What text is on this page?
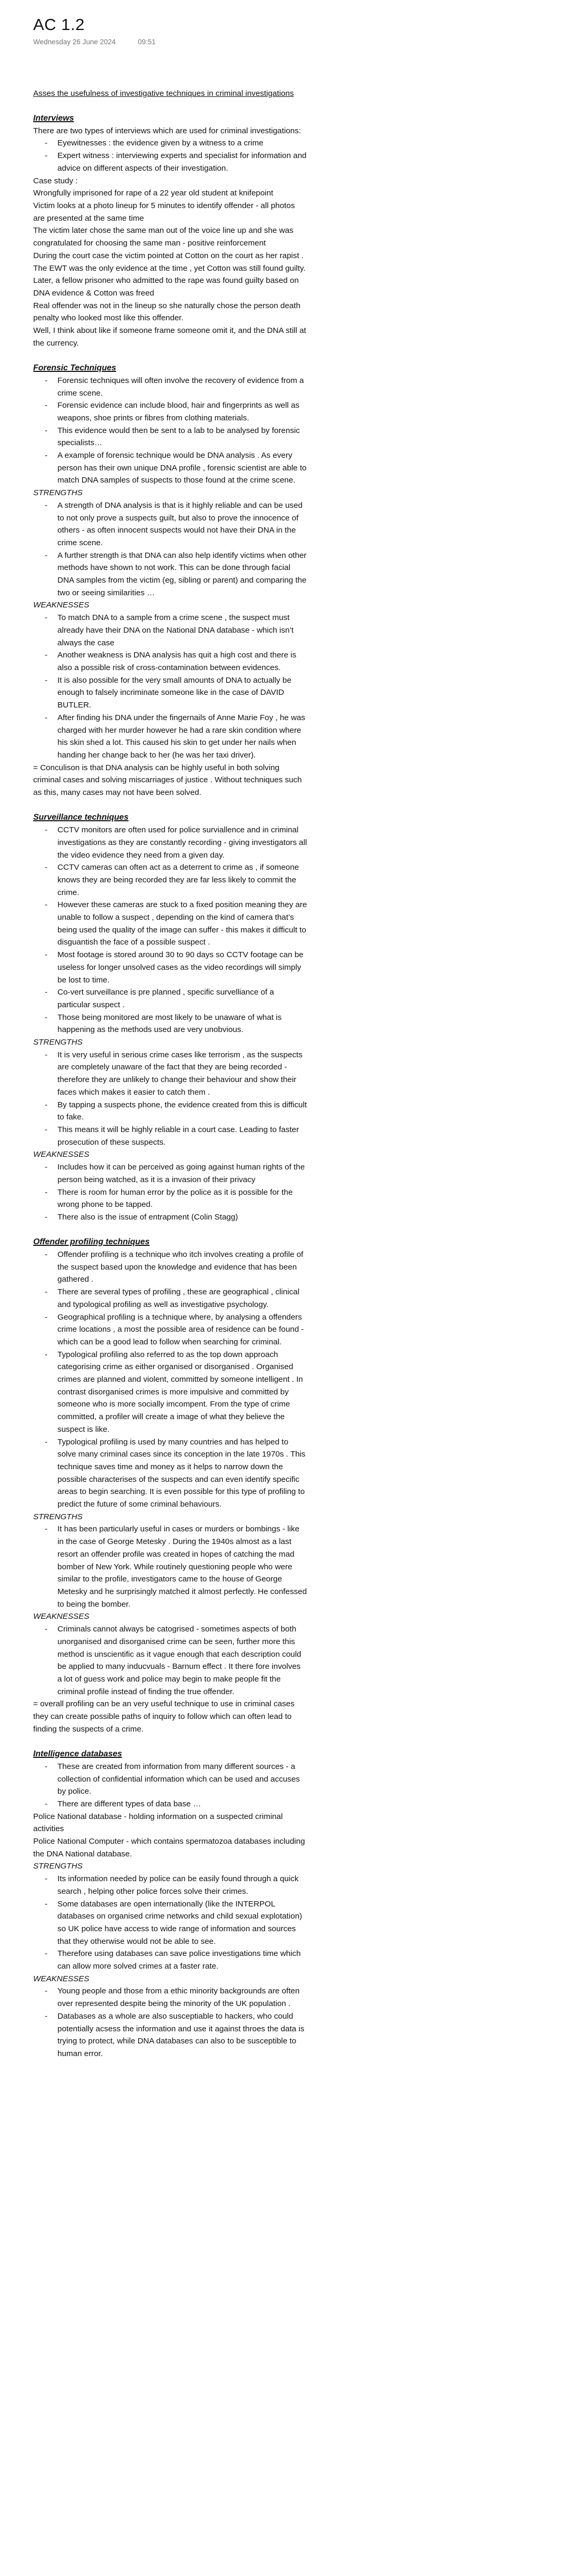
AC 1.2
Wednesday 26 June 2024	09:51
Asses the usefulness of investigative techniques in criminal investigations
Interviews
There are two types of interviews which are used for criminal investigations:
- Eyewitnesses : the evidence given by a witness to a crime
- Expert witness : interviewing experts and specialist for information and advice on different aspects of their investigation.
Case study :
Wrongfully imprisoned for rape of a 22 year old student at knifepoint
Victim looks at a photo lineup for 5 minutes to identify offender - all photos are presented at the same time
The victim later chose the same man out of the voice line up and she was congratulated for choosing the same man - positive reinforcement
During the court case the victim pointed at Cotton on the court as her rapist . The EWT was the only evidence at the time , yet Cotton was still found guilty.
Later, a fellow prisoner who admitted to the rape was found guilty based on DNA evidence & Cotton was freed
Real offender was not in the lineup so she naturally chose the person death penalty who looked most like this offender.
Well, I think about like if someone frame someone omit it, and the DNA still at the currency.
Forensic Techniques
- Forensic techniques will often involve the recovery of evidence from a crime scene.
- Forensic evidence can include blood, hair and fingerprints as well as weapons, shoe prints or fibres from clothing materials.
- This evidence would then be sent to a lab to be analysed by forensic specialists…
- A example of forensic technique would be DNA analysis . As every person has their own unique DNA profile , forensic scientist are able to match DNA samples of suspects to those found at the crime scene.
STRENGTHS
- A strength of DNA analysis is that is it highly reliable and can be used to not only prove a suspects guilt, but also to prove the innocence of others - as often innocent suspects would not have their DNA in the crime scene.
- A further strength is that DNA can also help identify victims when other methods have shown to not work. This can be done through facial DNA samples from the victim (eg, sibling or parent) and comparing the two or seeing similarities …
WEAKNESSES
- To match DNA to a sample from a crime scene , the suspect must already have their DNA on the National DNA database - which isn’t always the case
- Another weakness is DNA analysis has quit a high cost and there is also a possible risk of cross-contamination between evidences.
- It is also possible for the very small amounts of DNA to actually be enough to falsely incriminate someone like in the case of DAVID BUTLER.
- After finding his DNA under the fingernails of Anne Marie Foy , he was charged with her murder however he had a rare skin condition where his skin shed a lot. This caused his skin to get under her nails when handing her change back to her (he was her taxi driver).
= Conculison is that DNA analysis can be highly useful in both solving criminal cases and solving miscarriages of justice . Without techniques such as this, many cases may not have been solved.
Surveillance techniques
- CCTV monitors are often used for police surviallence and in criminal investigations as they are constantly recording - giving investigators all the video evidence they need from a given day.
- CCTV cameras can often act as a deterrent to crime as , if someone knows they are being recorded they are far less likely to commit the crime.
- However these cameras are stuck to a fixed position meaning they are unable to follow a suspect , depending on the kind of camera that’s being used the quality of the image can suffer - this makes it difficult to disguantish the face of a possible suspect .
- Most footage is stored around 30 to 90 days so CCTV footage can be useless for longer unsolved cases as the video recordings will simply be lost to time.
- Co-vert surveillance is pre planned , specific survelliance of a particular suspect .
- Those being monitored are most likely to be unaware of what is happening as the methods used are very unobvious.
STRENGTHS
- It is very useful in serious crime cases like terrorism , as the suspects are completely unaware of the fact that they are being recorded - therefore they are unlikely to change their behaviour and show their faces which makes it easier to catch them .
- By tapping a suspects phone, the evidence created from this is difficult to fake.
- This means it will be highly reliable in a court case. Leading to faster prosecution of these suspects.
WEAKNESSES
- Includes how it can be perceived as going against human rights of the person being watched, as it is a invasion of their privacy
- There is room for human error by the police as it is possible for the wrong phone to be tapped.
- There also is the issue of entrapment (Colin Stagg)
Offender profiling techniques
- Offender profiling is a technique who itch involves creating a profile of the suspect based upon the knowledge and evidence that has been gathered .
- There are several types of profiling , these are geographical , clinical and typological profiling as well as investigative psychology.
- Geographical profiling is a technique where, by analysing a offenders crime locations , a most the possible area of residence can be found - which can be a good lead to follow when searching for criminal.
- Typological profiling also referred to as the top down approach categorising crime as either organised or disorganised . Organised crimes are planned and violent, committed by someone intelligent . In contrast disorganised crimes is more impulsive and committed by someone who is more socially imcompent. From the type of crime committed, a profiler will create a image of what they believe the suspect is like.
- Typological profiling is used by many countries and has helped to solve many criminal cases since its conception in the late 1970s . This technique saves time and money as it helps to narrow down the possible characterises of the suspects and can even identify specific areas to begin searching. It is even possible for this type of profiling to predict the future of some criminal behaviours.
STRENGTHS
- It has been particularly useful in cases or murders or bombings - like in the case of George Metesky . During the 1940s almost as a last resort an offender profile was created in hopes of catching the mad bomber of New York. While routinely questioning people who were similar to the profile, investigators came to the house of George Metesky and he surprisingly matched it almost perfectly. He confessed to being the bomber.
WEAKNESSES
- Criminals cannot always be catogrised - sometimes aspects of both unorganised and disorganised crime can be seen, further more this method is unscientific as it vague enough that each description could be applied to many inducvuals - Barnum effect . It there fore involves a lot of guess work and police may begin to make people fit the criminal profile instead of finding the true offender.
= overall profiling can be an very useful technique to use in criminal cases they can create possible paths of inquiry to follow which can often lead to finding the suspects of a crime.
Intelligence databases
- These are created from information from many different sources - a collection of confidential information which can be used and accuses by police.
- There are different types of data base …
Police National database - holding information on a suspected criminal activities
Police National Computer - which contains spermatozoa databases including the DNA National database.
STRENGTHS
- Its information needed by police can be easily found through a quick search , helping other police forces solve their crimes.
- Some databases are open internationally (like the INTERPOL databases on organised crime networks and child sexual explotation) so UK police have access to wide range of information and sources that they otherwise would not be able to see.
- Therefore using databases can save police investigations time which can allow more solved crimes at a faster rate.
WEAKNESSES
- Young people and those from a ethic minority backgrounds are often over represented despite being the minority of the UK population .
- Databases as a whole are also susceptiable to hackers, who could potentially acsess the information and use it against throes the data is trying to protect, while DNA databases can also to be susceptible to human error.
